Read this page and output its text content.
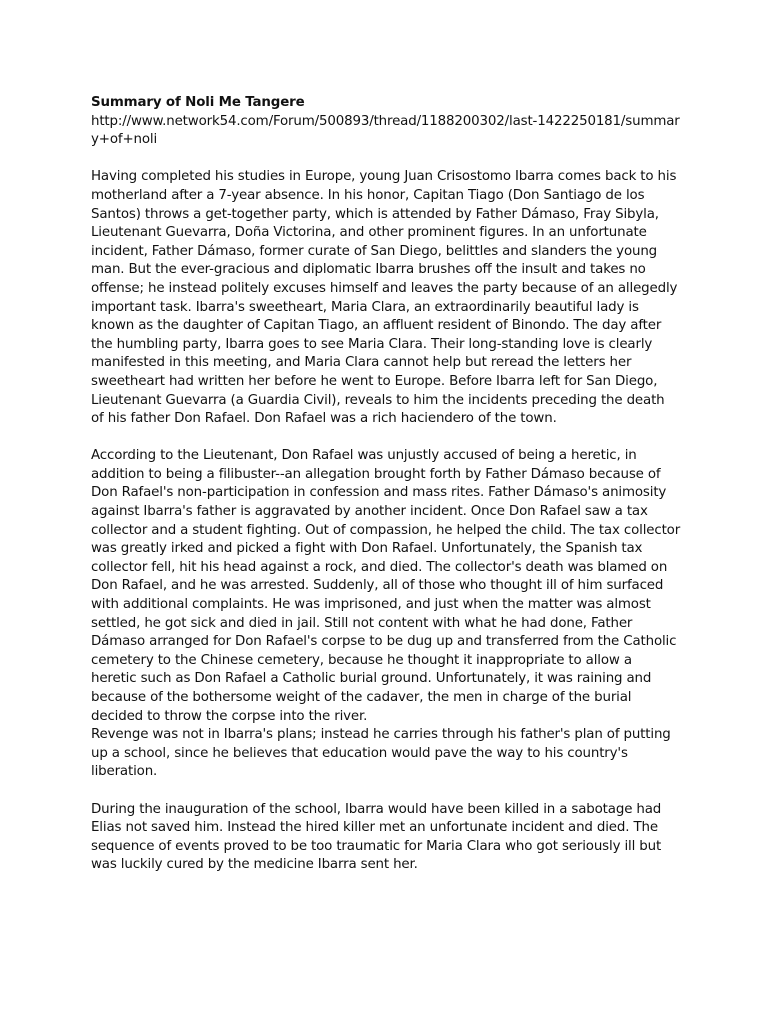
Summary of Noli Me Tangere

http://www.network54.com/Forum/500893/thread/1188200302/last-1422250181/summary+of+noli

Having completed his studies in Europe, young Juan Crisostomo Ibarra comes back to his motherland after a 7-year absence. In his honor, Capitan Tiago (Don Santiago de los Santos) throws a get-together party, which is attended by Father Dámaso, Fray Sibyla, Lieutenant Guevarra, Doña Victorina, and other prominent figures. In an unfortunate incident, Father Dámaso, former curate of San Diego, belittles and slanders the young man. But the ever-gracious and diplomatic Ibarra brushes off the insult and takes no offense; he instead politely excuses himself and leaves the party because of an allegedly important task. Ibarra's sweetheart, Maria Clara, an extraordinarily beautiful lady is known as the daughter of Capitan Tiago, an affluent resident of Binondo. The day after the humbling party, Ibarra goes to see Maria Clara. Their long-standing love is clearly manifested in this meeting, and Maria Clara cannot help but reread the letters her sweetheart had written her before he went to Europe. Before Ibarra left for San Diego, Lieutenant Guevarra (a Guardia Civil), reveals to him the incidents preceding the death of his father Don Rafael. Don Rafael was a rich haciendero of the town.

According to the Lieutenant, Don Rafael was unjustly accused of being a heretic, in addition to being a filibuster--an allegation brought forth by Father Dámaso because of Don Rafael's non-participation in confession and mass rites. Father Dámaso's animosity against Ibarra's father is aggravated by another incident. Once Don Rafael saw a tax collector and a student fighting. Out of compassion, he helped the child. The tax collector was greatly irked and picked a fight with Don Rafael. Unfortunately, the Spanish tax collector fell, hit his head against a rock, and died. The collector's death was blamed on Don Rafael, and he was arrested. Suddenly, all of those who thought ill of him surfaced with additional complaints. He was imprisoned, and just when the matter was almost settled, he got sick and died in jail. Still not content with what he had done, Father Dámaso arranged for Don Rafael's corpse to be dug up and transferred from the Catholic cemetery to the Chinese cemetery, because he thought it inappropriate to allow a heretic such as Don Rafael a Catholic burial ground. Unfortunately, it was raining and because of the bothersome weight of the cadaver, the men in charge of the burial decided to throw the corpse into the river.

Revenge was not in Ibarra's plans; instead he carries through his father's plan of putting up a school, since he believes that education would pave the way to his country's liberation.

During the inauguration of the school, Ibarra would have been killed in a sabotage had Elias not saved him. Instead the hired killer met an unfortunate incident and died. The sequence of events proved to be too traumatic for Maria Clara who got seriously ill but was luckily cured by the medicine Ibarra sent her.
